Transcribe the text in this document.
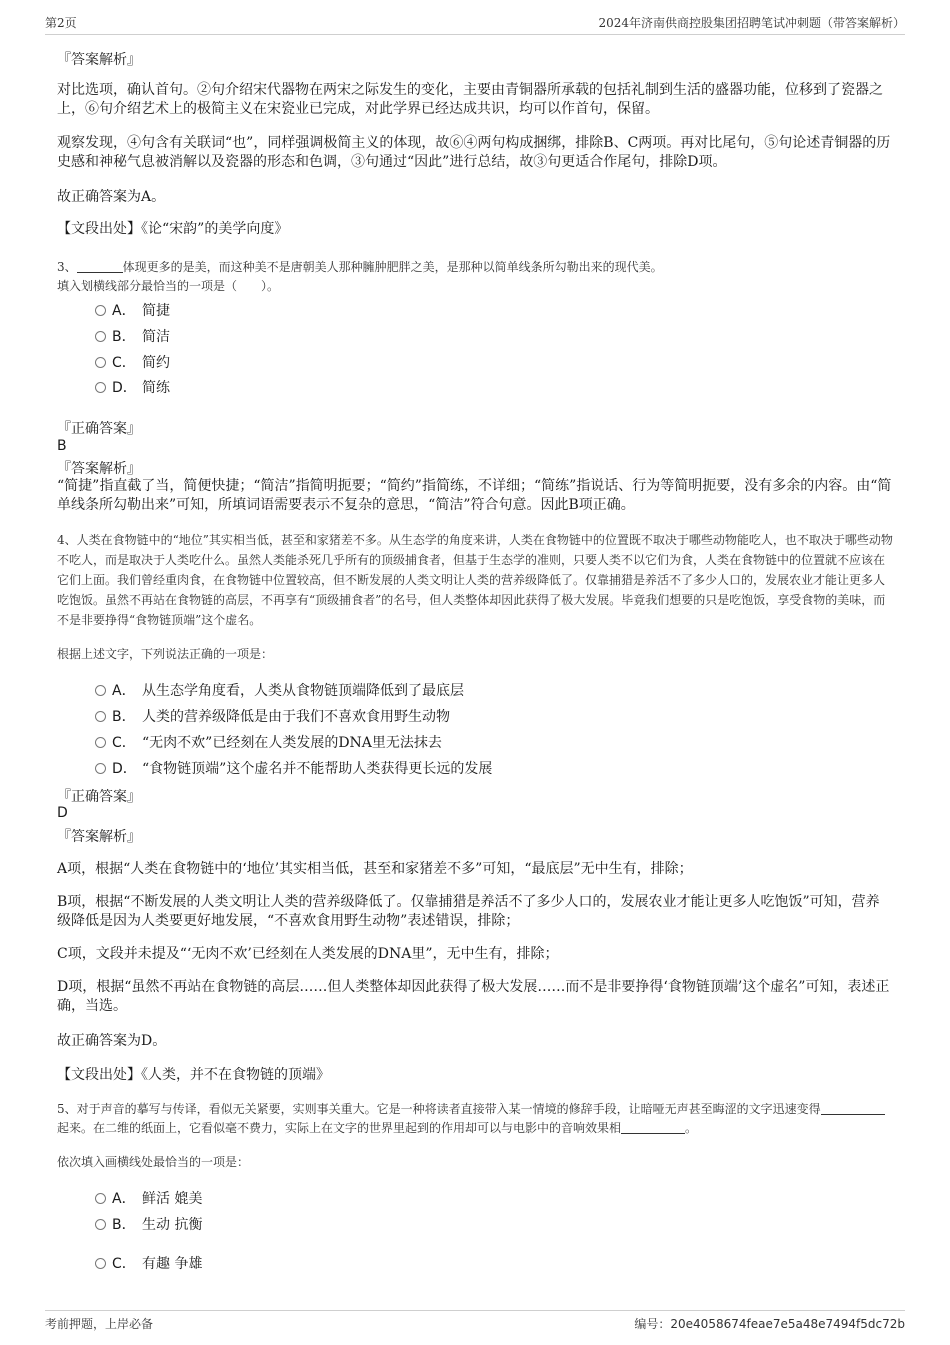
第2页	2024年济南供商控股集团招聘笔试冲刺题（带答案解析）
『答案解析』
对比选项，确认首句。②句介绍宋代器物在两宋之际发生的变化，主要由青铜器所承载的包括礼制到生活的盛器功能，位移到了瓷器之上，⑥句介绍艺术上的极简主义在宋瓷业已完成，对此学界已经达成共识，均可以作首句，保留。
观察发现，④句含有关联词“也”，同样强调极简主义的体现，故⑥④两句构成捆绑，排除B、C两项。再对比尾句，⑤句论述青铜器的历史感和神秘气息被消解以及瓷器的形态和色调，③句通过“因此”进行总结，故③句更适合作尾句，排除D项。
故正确答案为A。
【文段出处】《论“宋韵”的美学向度》
3、	体现更多的是美，而这种美不是唐朝美人那种臃肿肥胖之美，是那种以简单线条所勾勒出来的现代美。
填入划横线部分最恰当的一项是（　　）。
A． 简捷
B． 简洁
C． 简约
D． 简练
『正确答案』
B
『答案解析』
“简捷”指直截了当，简便快捷；“简洁”指简明扼要；“简约”指简练，不详细；“简练”指说话、行为等简明扼要，没有多余的内容。由“简单线条所勾勒出来”可知，所填词语需要表示不复杂的意思，“简洁”符合句意。因此B项正确。
4、人类在食物链中的“地位”其实相当低，甚至和家猪差不多。从生态学的角度来讲，人类在食物链中的位置既不取决于哪些动物能吃人，也不取决于哪些动物不吃人，而是取决于人类吃什么。虽然人类能杀死几乎所有的顶级捕食者，但基于生态学的准则，只要人类不以它们为食，人类在食物链中的位置就不应该在它们上面。我们曾经重肉食，在食物链中位置较高，但不断发展的人类文明让人类的营养级降低了。仅靠捕猎是养活不了多少人口的，发展农业才能让更多人吃饱饭。虽然不再站在食物链的高层，不再享有“顶级捕食者”的名号，但人类整体却因此获得了极大发展。毕竟我们想要的只是吃饱饭，享受食物的美味，而不是非要挣得“食物链顶端”这个虚名。
根据上述文字，下列说法正确的一项是：
A． 从生态学角度看，人类从食物链顶端降低到了最底层
B． 人类的营养级降低是由于我们不喜欢食用野生动物
C． “无肉不欢”已经刻在人类发展的DNA里无法抹去
D． “食物链顶端”这个虚名并不能帮助人类获得更长远的发展
『正确答案』
D
『答案解析』
A项，根据“人类在食物链中的‘地位’其实相当低，甚至和家猪差不多”可知，“最底层”无中生有，排除；
B项，根据“不断发展的人类文明让人类的营养级降低了。仅靠捕猎是养活不了多少人口的，发展农业才能让更多人吃饱饭”可知，营养级降低是因为人类要更好地发展，“不喜欢食用野生动物”表述错误，排除；
C项，文段并未提及“‘无肉不欢’已经刻在人类发展的DNA里”，无中生有，排除；
D项，根据“虽然不再站在食物链的高层……但人类整体却因此获得了极大发展……而不是非要挣得‘食物链顶端’这个虚名”可知，表述正确，当选。
故正确答案为D。
【文段出处】《人类，并不在食物链的顶端》
5、对于声音的摹写与传译，看似无关紧要，实则事关重大。它是一种将读者直接带入某一情境的修辞手段，让暗哑无声甚至晦涩的文字迅速变得起来。在二维的纸面上，它看似毫不费力，实际上在文字的世界里起到的作用却可以与电影中的音响效果相	。
依次填入画横线处最恰当的一项是：
A． 鲜活 媲美
B． 生动 抗衡
C． 有趣 争雄
考前押题，上岸必备	编号：20e4058674feae7e5a48e7494f5dc72b
